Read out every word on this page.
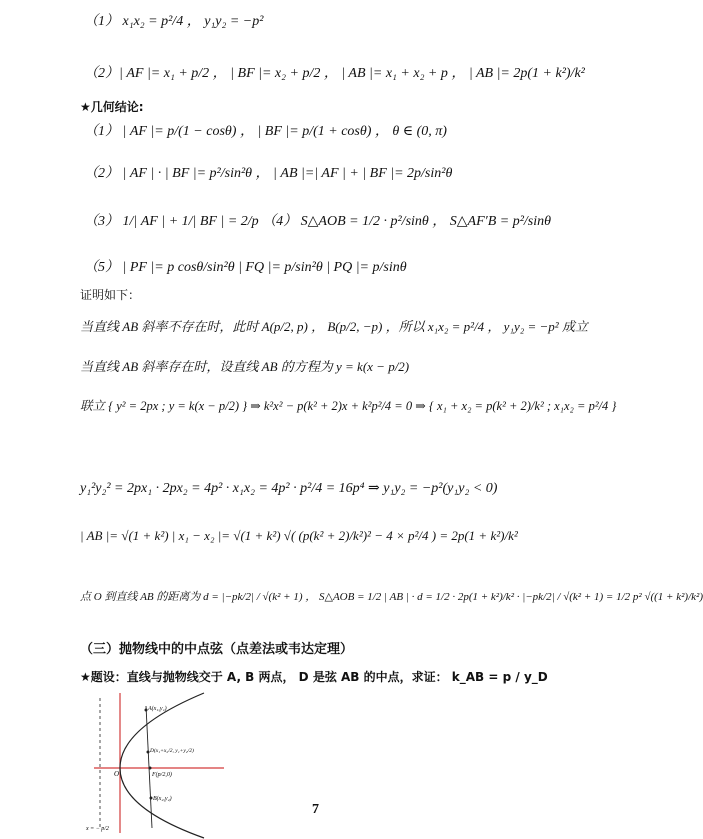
（1） x₁x₂ = p²/4 ， y₁y₂ = −p²
（2）| AF |= x₁ + p/2 ， | BF |= x₂ + p/2 ， | AB |= x₁ + x₂ + p ， | AB |= 2p(1 + k²)/k²
★几何结论:
（1） | AF |= p/(1 − cosθ) ， | BF |= p/(1 + cosθ) ， θ ∈ (0, π)
（2） | AF | · | BF |= p²/sin²θ ， | AB |=| AF | + | BF |= 2p/sin²θ
（3） 1/| AF | + 1/| BF | = 2/p （4） S△AOB = 1/2 · p²/sinθ ， S△AF′B = p²/sinθ
（5） | PF |= p cosθ/sin²θ | FQ |= p/sin²θ | PQ |= p/sinθ
证明如下：
当直线 AB 斜率不存在时，此时 A(p/2, p) ， B(p/2, −p) ，所以 x₁x₂ = p²/4 ， y₁y₂ = −p² 成立
当直线 AB 斜率存在时，设直线 AB 的方程为 y = k(x − p/2)
联立 { y² = 2px ; y = k(x − p/2) } ⇒ k²x² − p(k² + 2)x + k²p²/4 = 0 ⇒ { x₁ + x₂ = p(k² + 2)/k² ; x₁x₂ = p²/4 }
y₁²y₂² = 2px₁ · 2px₂ = 4p² · x₁x₂ = 4p² · p²/4 = 16p⁴ ⇒ y₁y₂ = −p²(y₁y₂ < 0)
| AB |= √(1 + k²) | x₁ − x₂ |= √(1 + k²) √( (p(k² + 2)/k²)² − 4 × p²/4 ) = 2p(1 + k²)/k²
点 O 到直线 AB 的距离为 d = |−pk/2| / √(k² + 1) ， S△AOB = 1/2 | AB | · d = 1/2 · 2p(1 + k²)/k² · |−pk/2| / √(k² + 1) = 1/2 p² √((1 + k²)/k²)
（三）抛物线中的中点弦（点差法或韦达定理）
★题设：直线与抛物线交于 A, B 两点， D 是弦 AB 的中点，求证： k_AB = p / y_D
A(x₁,y₁)
D(x₁+x₂/2, y₁+y₂/2)
F(p/2,0)
B(x₂,y₂)
O
x = − p/2
7
